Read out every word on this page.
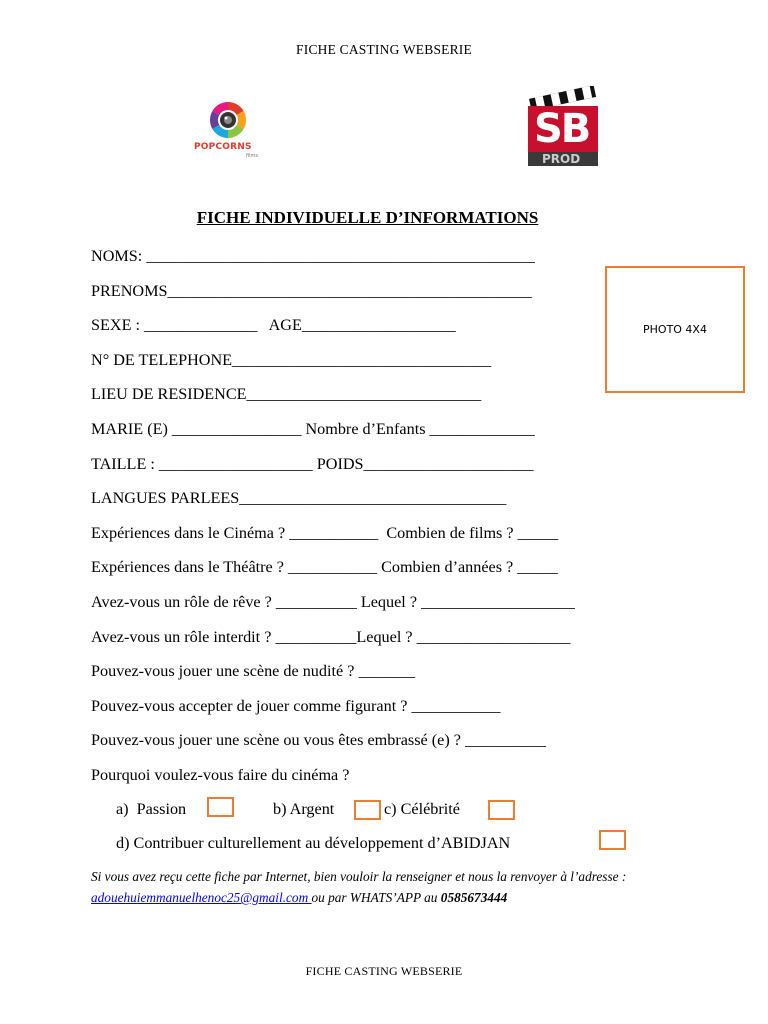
FICHE CASTING WEBSERIE
POPCORNS
films
SB
PROD
FICHE INDIVIDUELLE D’INFORMATIONS
PHOTO 4X4
NOMS: ________________________________________________
PRENOMS_____________________________________________
SEXE : ______________   AGE___________________
N° DE TELEPHONE________________________________
LIEU DE RESIDENCE_____________________________
MARIE (E) ________________ Nombre d’Enfants _____________
TAILLE : ___________________ POIDS_____________________
LANGUES PARLEES_________________________________
Expériences dans le Cinéma ? ___________  Combien de films ? _____
Expériences dans le Théâtre ? ___________ Combien d’années ? _____
Avez-vous un rôle de rêve ? __________ Lequel ? ___________________
Avez-vous un rôle interdit ? __________Lequel ? ___________________
Pouvez-vous jouer une scène de nudité ? _______
Pouvez-vous accepter de jouer comme figurant ? ___________
Pouvez-vous jouer une scène ou vous êtes embrassé (e) ? __________
Pourquoi voulez-vous faire du cinéma ?
a)  Passion	b) Argent	c) Célébrité
d) Contribuer culturellement au développement d’ABIDJAN
Si vous avez reçu cette fiche par Internet, bien vouloir la renseigner et nous la renvoyer à l’adresse : adouehuiemmanuelhenoc25@gmail.com ou par WHATS’APP au 0585673444
FICHE CASTING WEBSERIE
